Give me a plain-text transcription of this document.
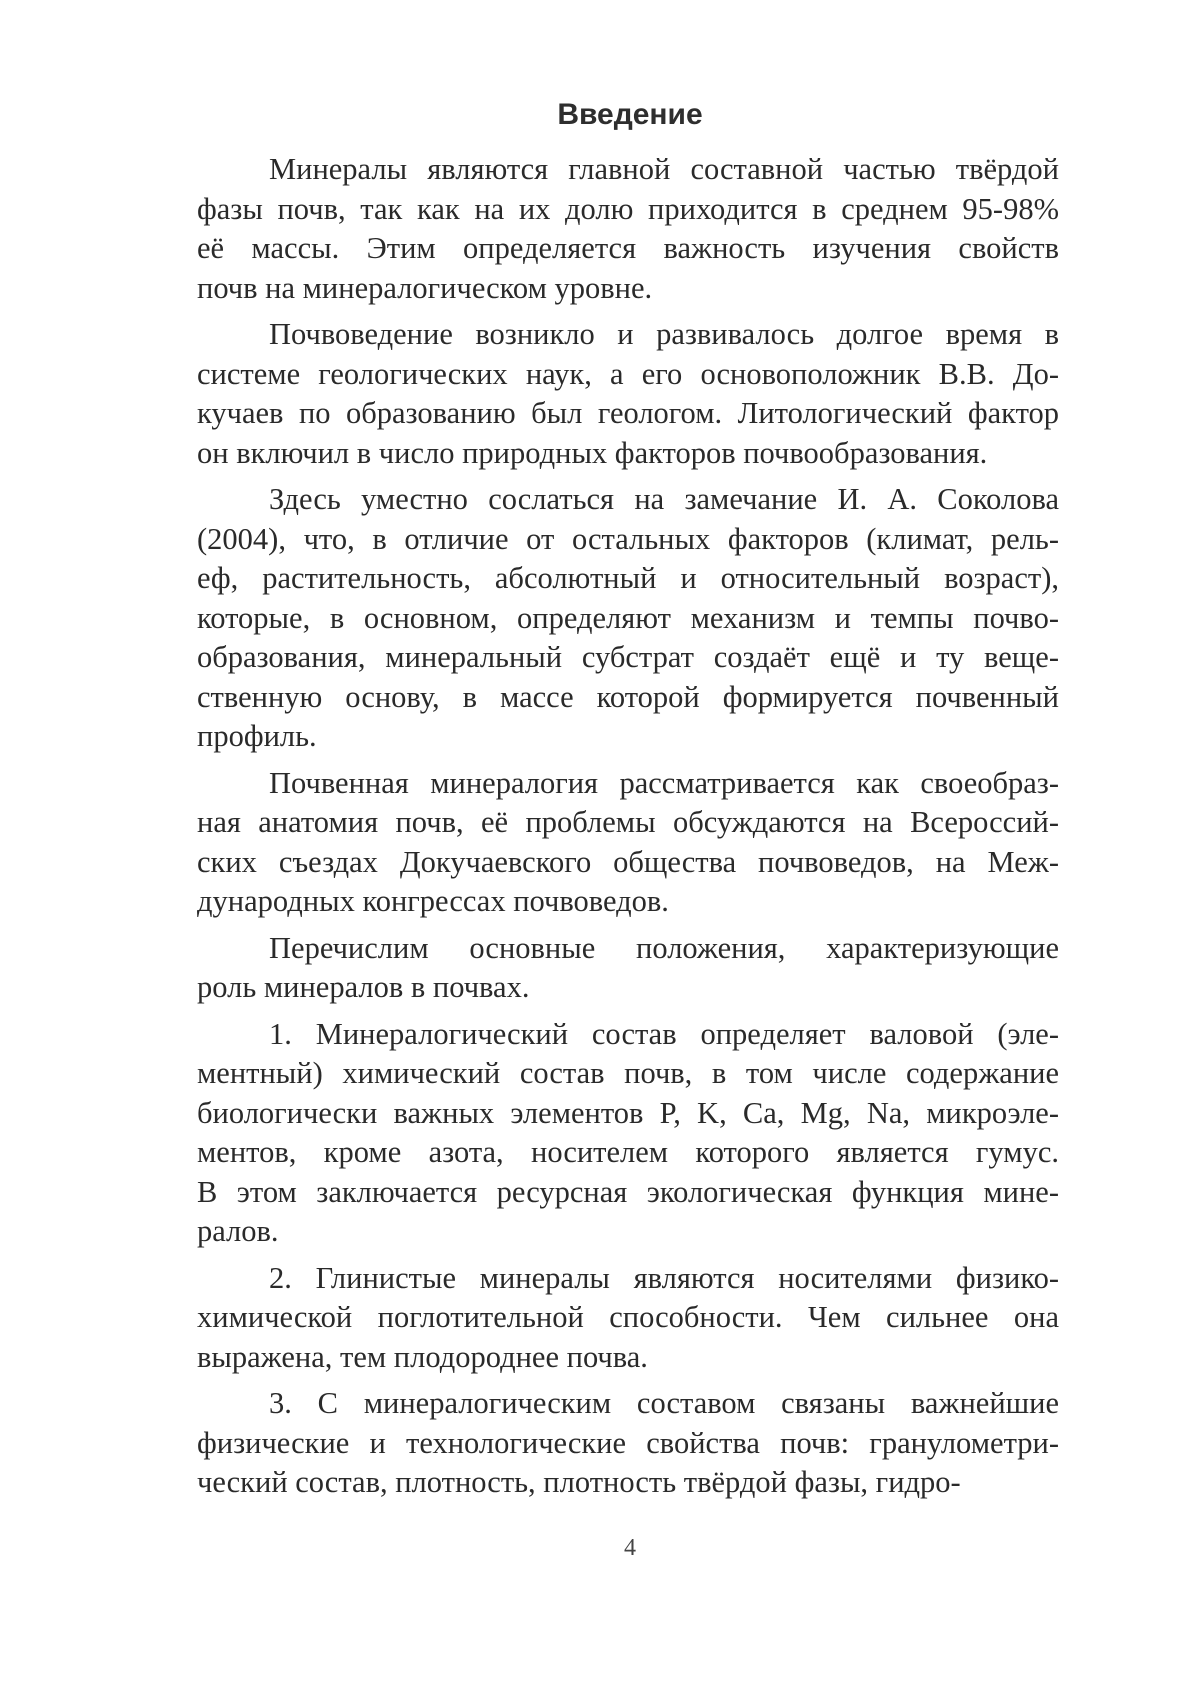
Введение
Минералы являются главной составной частью твёрдой
фазы почв, так как на их долю приходится в среднем 95-98%
её массы. Этим определяется важность изучения свойств
почв на минералогическом уровне.
Почвоведение возникло и развивалось долгое время в
системе геологических наук, а его основоположник В.В. До-
кучаев по образованию был геологом. Литологический фактор
он включил в число природных факторов почвообразования.
Здесь уместно сослаться на замечание И. А. Соколова
(2004), что, в отличие от остальных факторов (климат, рель-
еф, растительность, абсолютный и относительный возраст),
которые, в основном, определяют механизм и темпы почво-
образования, минеральный субстрат создаёт ещё и ту веще-
ственную основу, в массе которой формируется почвенный
профиль.
Почвенная минералогия рассматривается как своеобраз-
ная анатомия почв, её проблемы обсуждаются на Всероссий-
ских съездах Докучаевского общества почвоведов, на Меж-
дународных конгрессах почвоведов.
Перечислим основные положения, характеризующие
роль минералов в почвах.
1. Минералогический состав определяет валовой (эле-
ментный) химический состав почв, в том числе содержание
биологически важных элементов P, K, Ca, Mg, Na, микроэле-
ментов, кроме азота, носителем которого является гумус.
В этом заключается ресурсная экологическая функция мине-
ралов.
2. Глинистые минералы являются носителями физико-
химической поглотительной способности. Чем сильнее она
выражена, тем плодороднее почва.
3. С минералогическим составом связаны важнейшие
физические и технологические свойства почв: гранулометри-
ческий состав, плотность, плотность твёрдой фазы, гидро-
4
